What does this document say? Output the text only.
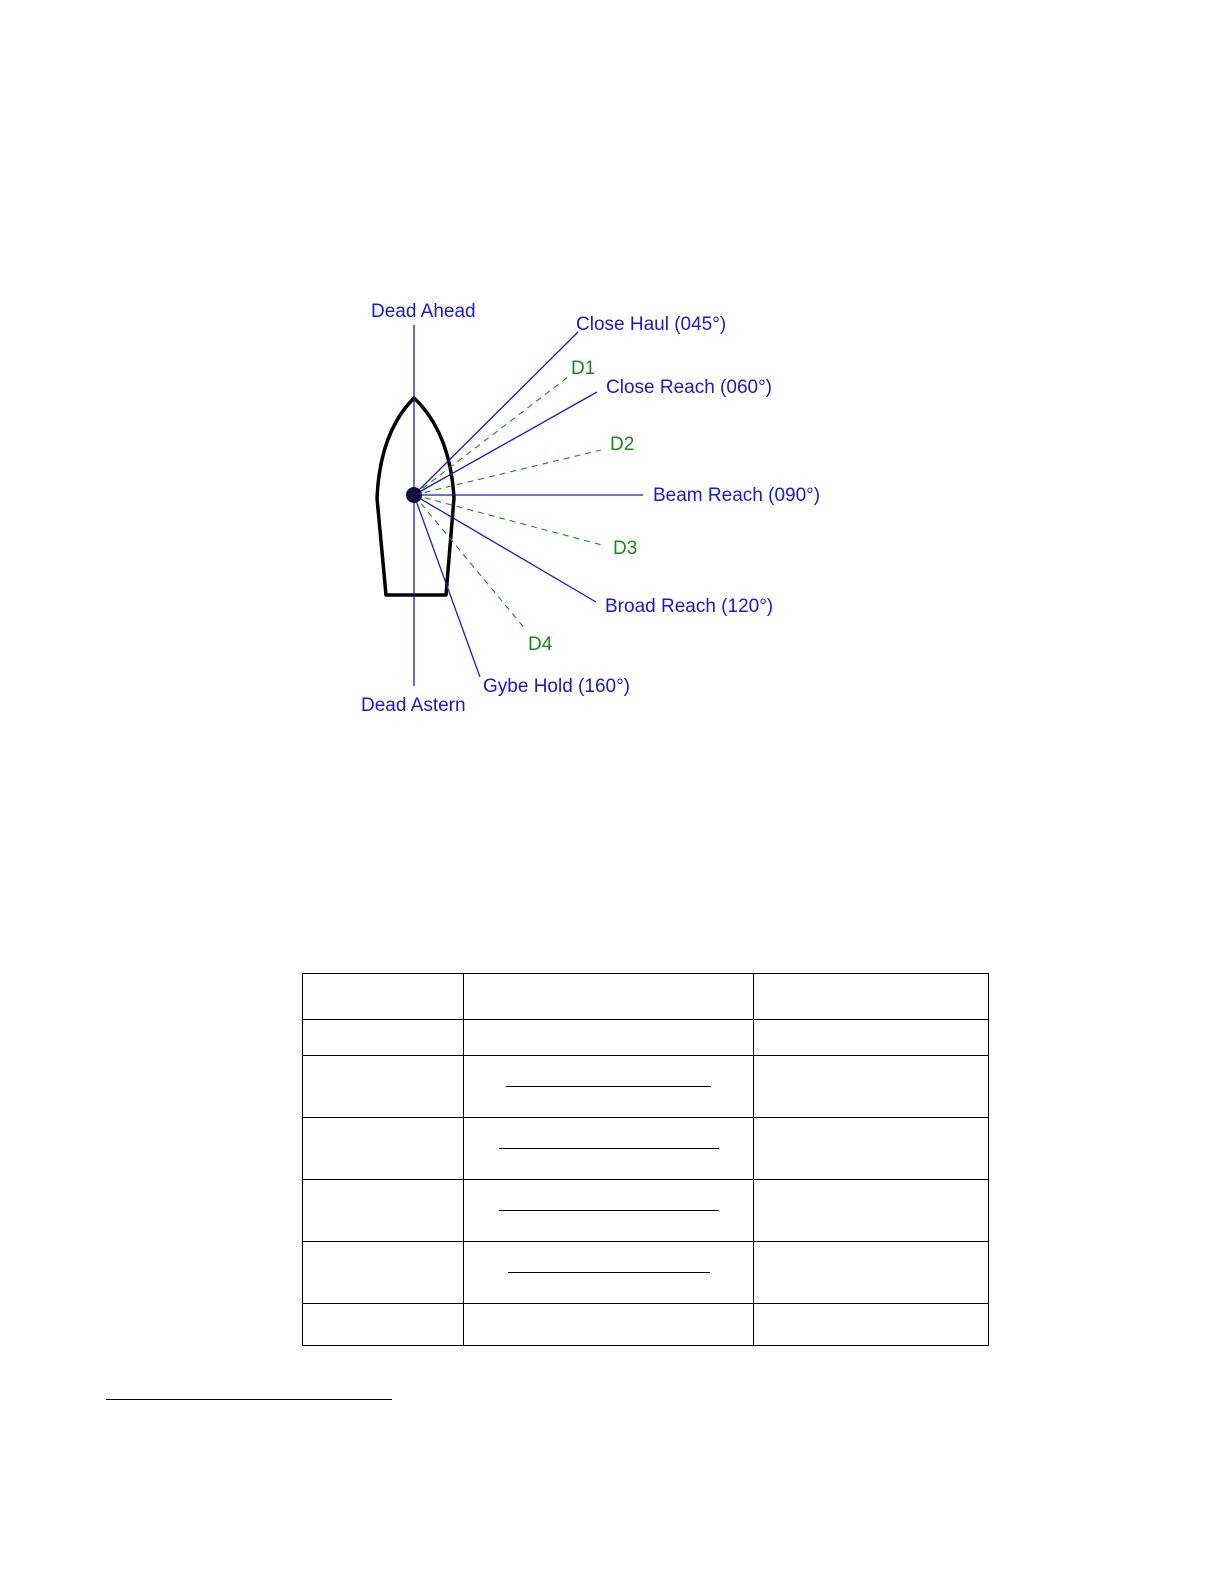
Dead Ahead
Dead Astern
Close Haul (045°)
Close Reach (060°)
Beam Reach (090°)
Broad Reach (120°)
Gybe Hold (160°)
D1
D2
D3
D4
